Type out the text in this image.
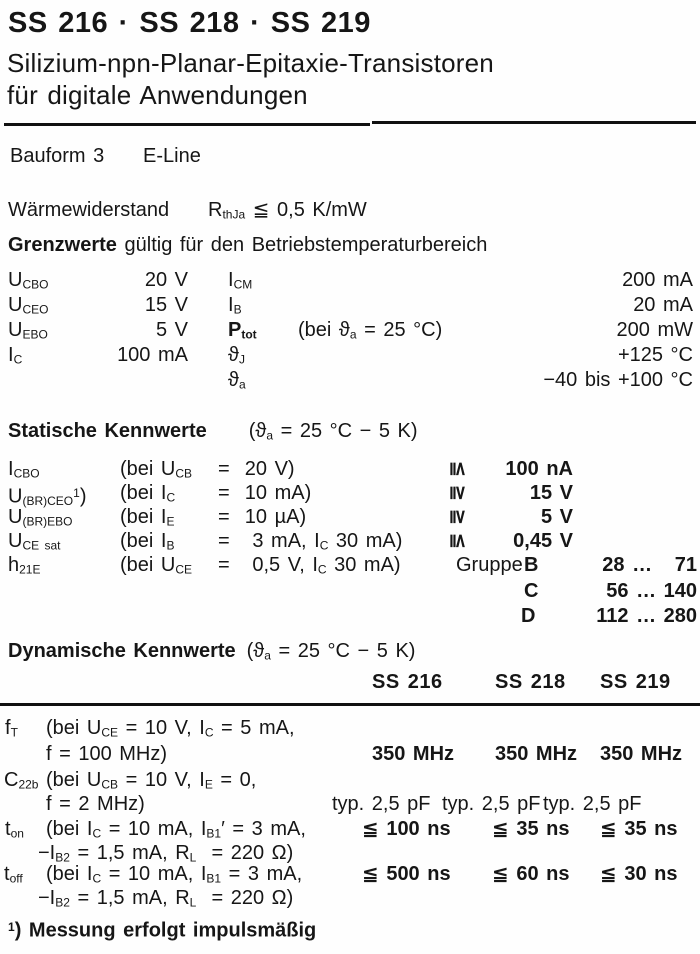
SS 216 · SS 218 · SS 219
Silizium-npn-Planar-Epitaxie-Transistoren
für digitale Anwendungen
Bauform 3 E-Line
Wärmewiderstand $R_{thJa}$ ≦ 0,5 K/mW
Grenzwerte gültig für den Betriebstemperaturbereich
$U_{CBO}$	20 V
$U_{CEO}$	15 V
$U_{EBO}$	5 V
$I_C$	100 mA
$I_{CM}$	200 mA
$I_B$	20 mA
$P_{tot}$ (bei $ϑ_a = 25$ °C)	200 mW
$ϑ_J$	+125 °C
$ϑ_a$	−40 bis +100 °C
Statische Kennwerte ($ϑ_a = 25$ °C − 5 K)
$I_{CBO}$	(bei $U_{CB} = 20$ V)	≦	100 nA
$U_{(BR)CEO}^1$) (bei $I_C = 10$ mA)	≧	15 V
$U_{(BR)EBO}$ (bei $I_E = 10$ µA)	≧	5 V
$U_{CE sat}$	(bei $I_B = 3$ mA, $I_C$ 30 mA) ≦	0,45 V
$h_{21E}$	(bei $U_{CE} = 0,5$ V, $I_C$ 30 mA)	Gruppe B	28 …   71
C	56 … 140
D	112 … 280
Dynamische Kennwerte ($ϑ_a = 25$ °C − 5 K)
SS 216	SS 218 SS 219
$f_T$ (bei $U_{CE} = 10$ V, $I_C = 5$ mA,
f = 100 MHz)	350 MHz 350 MHz 350 MHz
$C_{22b}$ (bei $U_{CB} = 10$ V, $I_E = 0$,
f = 2 MHz)	typ. 2,5 pF typ. 2,5 pF typ. 2,5 pF
$t_{on}$ (bei $I_C = 10$ mA, $I_{B1}' = 3$ mA,
$-I_{B2} = 1,5$ mA, $R_L = 220$ Ω)
≦ 100 ns ≦ 35 ns ≦ 35 ns
$t_{off}$ (bei $I_C = 10$ mA, $I_{B1} = 3$ mA,
$-I_{B2} = 1,5$ mA, $R_L = 220$ Ω)
≦ 500 ns ≦ 60 ns ≦ 30 ns
$^1$) Messung erfolgt impulsmäßig
